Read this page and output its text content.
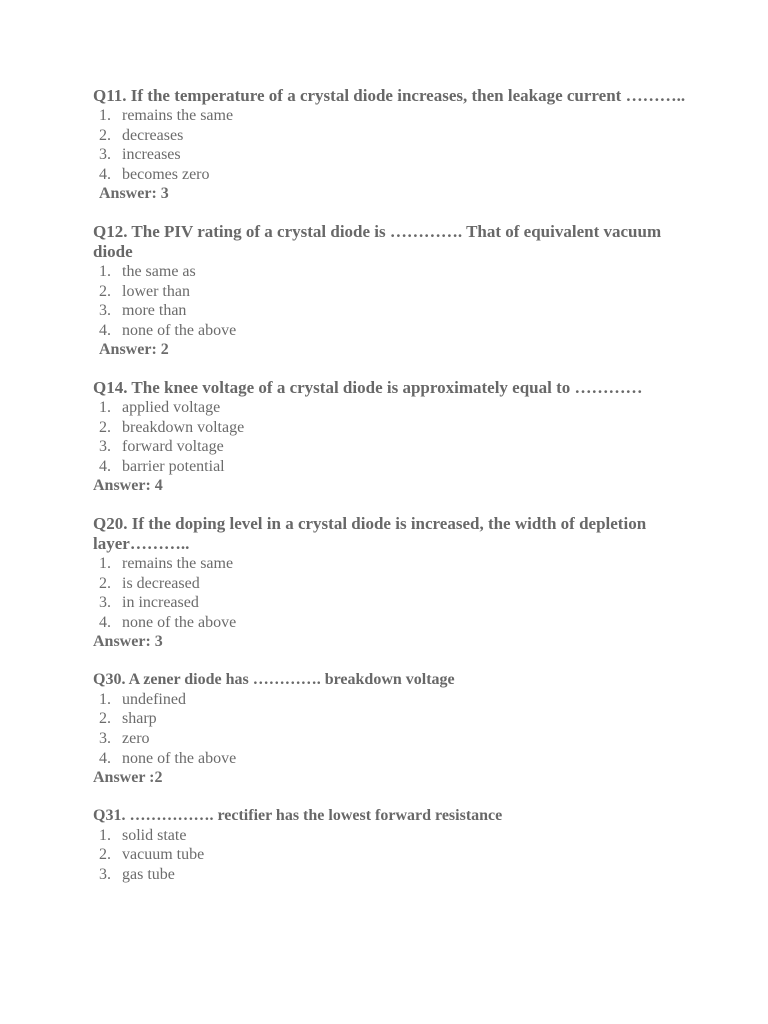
Q11. If the temperature of a crystal diode increases, then leakage current ………..

1. remains the same
2. decreases
3. increases
4. becomes zero

Answer: 3

Q12. The PIV rating of a crystal diode is …………. That of equivalent vacuum diode

1. the same as
2. lower than
3. more than
4. none of the above

Answer: 2

Q14. The knee voltage of a crystal diode is approximately equal to …………

1. applied voltage
2. breakdown voltage
3. forward voltage
4. barrier potential

Answer: 4

Q20. If the doping level in a crystal diode is increased, the width of depletion layer………..

1. remains the same
2. is decreased
3. in increased
4. none of the above

Answer: 3

Q30. A zener diode has …………. breakdown voltage

1. undefined
2. sharp
3. zero
4. none of the above

Answer :2

Q31. ……………. rectifier has the lowest forward resistance

1. solid state
2. vacuum tube
3. gas tube
